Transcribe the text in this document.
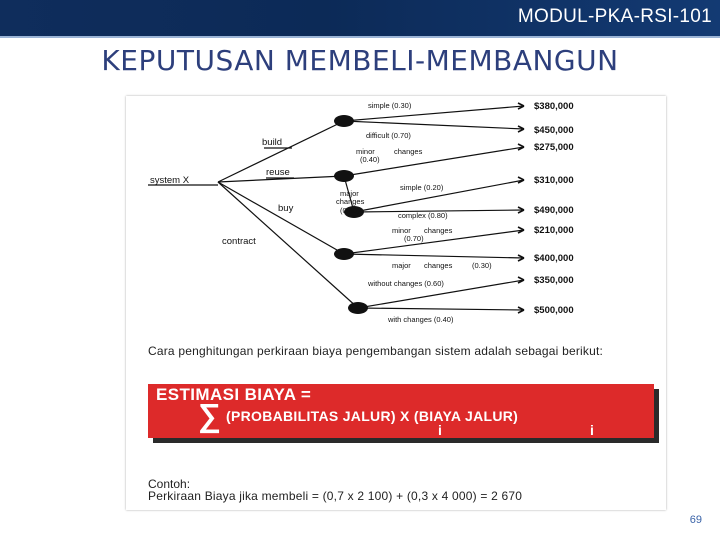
MODUL-PKA-RSI-101
KEPUTUSAN MEMBELI-MEMBANGUN
system X
build
reuse
buy
contract
simple (0.30)
difficult (0.70)
minor	changes
(0.40)
major
changes
(0.60)
simple (0.20)
complex (0.80)
minor changes
(0.70)
major changes	(0.30)
without changes (0.60)
with changes (0.40)
$380,000
$450,000
$275,000
$310,000
$490,000
$210,000
$400,000
$350,000
$500,000
Cara penghitungan perkiraan biaya pengembangan sistem adalah sebagai berikut:
ESTIMASI BIAYA =
∑ (PROBABILITAS JALUR) X (BIAYA JALUR)
i	i
Contoh:
Perkiraan Biaya jika membeli = (0,7 x 2 100) + (0,3 x 4 000) = 2 670
69
